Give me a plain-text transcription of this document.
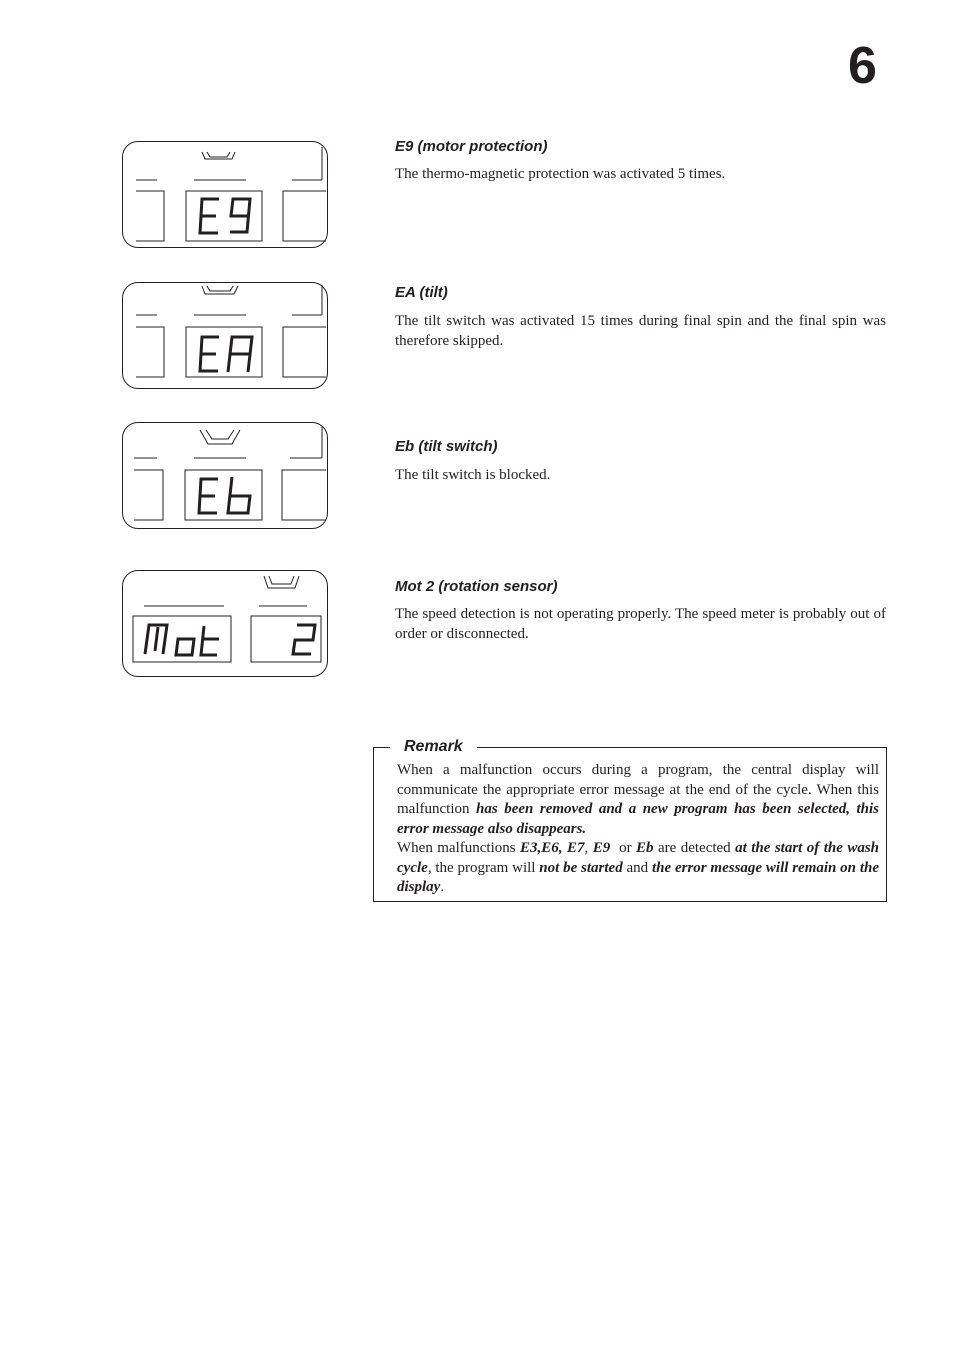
6

E9 (motor protection)

The thermo-magnetic protection was activated 5 times.

EA (tilt)

The tilt switch was activated 15 times during final spin and the final spin was therefore skipped.

Eb (tilt switch)

The tilt switch is blocked.

Mot 2 (rotation sensor)

The speed detection is not operating properly. The speed meter is probably out of order or disconnected.

Remark
When a malfunction occurs during a program, the central display will communicate the appropriate error message at the end of the cycle. When this malfunction has been removed and a new program has been selected, this error message also disappears.
When malfunctions E3,E6, E7, E9  or Eb are detected at the start of the wash cycle, the program will not be started and the error message will remain on the display.
